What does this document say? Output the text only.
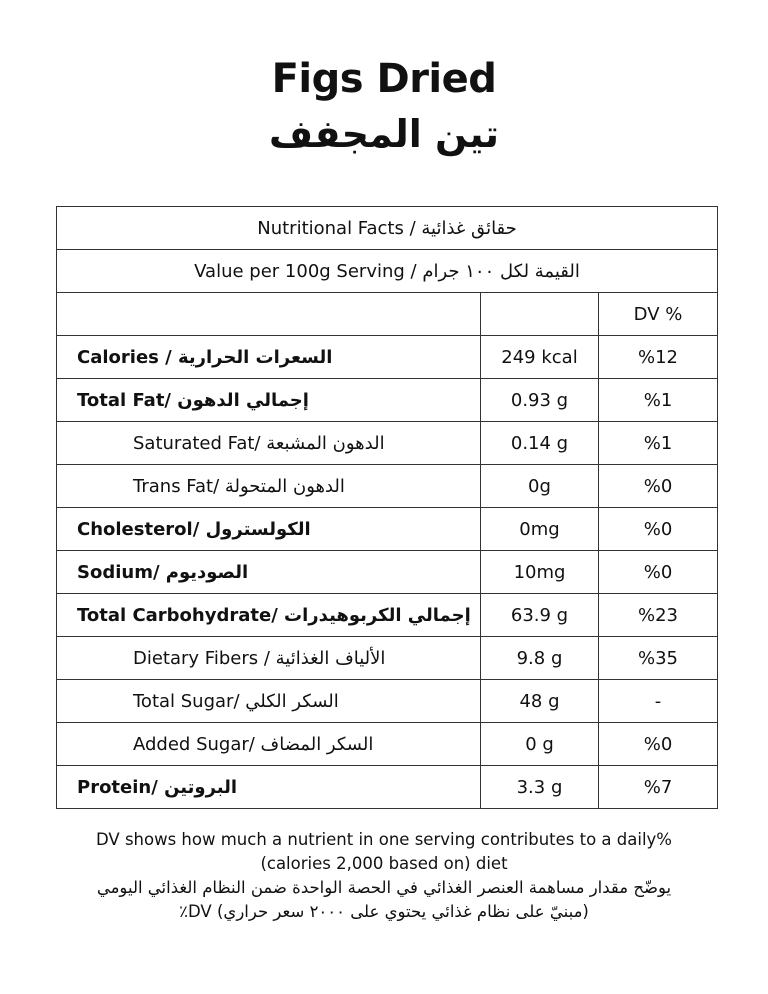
Figs Dried
تين المجفف
Nutritional Facts / حقائق غذائية		
Value per 100g Serving / القيمة لكل ١٠٠ جرام		
		DV %
Calories / السعرات الحرارية	249 kcal	%12
Total Fat/ إجمالي الدهون	0.93 g	%1
Saturated Fat/ الدهون المشبعة	0.14 g	%1
Trans Fat/ الدهون المتحولة	0g	%0
Cholesterol/ الكولسترول	0mg	%0
Sodium/ الصوديوم	10mg	%0
Total Carbohydrate/ إجمالي الكربوهيدرات	63.9 g	%23
Dietary Fibers / الألياف الغذائية	9.8 g	%35
Total Sugar/ السكر الكلي	48 g	-
Added Sugar/ السكر المضاف	0 g	%0
Protein/ البروتين	3.3 g	%7
DV shows how much a nutrient in one serving contributes to a daily%
(calories 2,000 based on) diet
يوضّح مقدار مساهمة العنصر الغذائي في الحصة الواحدة ضمن النظام الغذائي اليومي
(مبنيّ على نظام غذائي يحتوي على ٢٠٠٠ سعر حراري) DV٪
